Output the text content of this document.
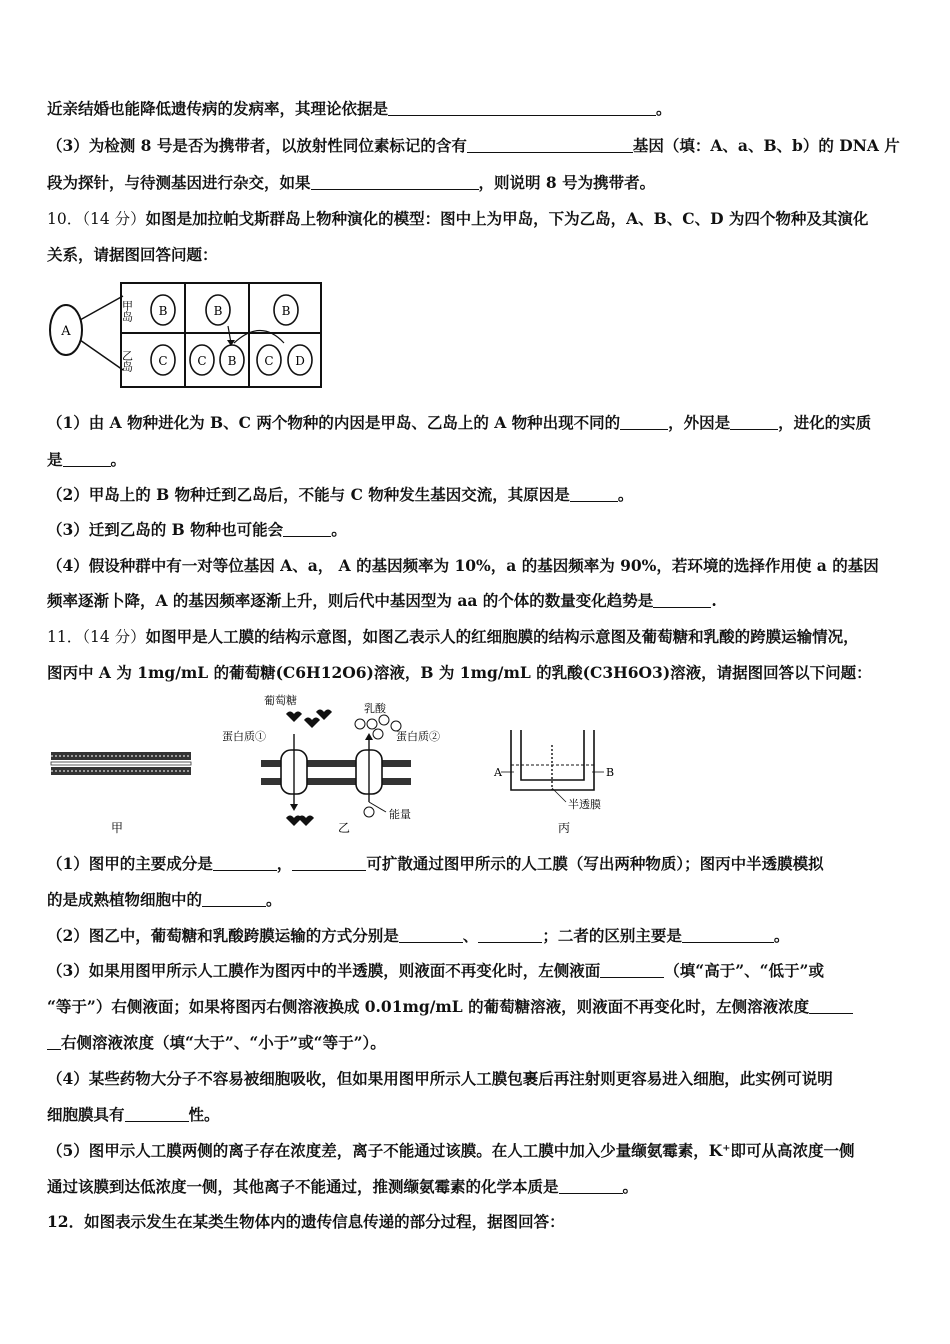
近亲结婚也能降低遗传病的发病率，其理论依据是	。
（3）为检测 8 号是否为携带者，以放射性同位素标记的含有	基因（填：A、a、B、b）的 DNA 片
段为探针，与待测基因进行杂交，如果	，则说明 8 号为携带者。
10．（14 分）如图是加拉帕戈斯群岛上物种演化的模型：图中上为甲岛，下为乙岛，A、B、C、D 为四个物种及其演化
关系，请据图回答问题：
A
甲岛
乙岛
B	B	B
C C B C D
（1）由 A 物种进化为 B、C 两个物种的内因是甲岛、乙岛上的 A 物种出现不同的	，外因是	，进化的实质
是	。
（2）甲岛上的 B 物种迁到乙岛后，不能与 C 物种发生基因交流，其原因是	。
（3）迁到乙岛的 B 物种也可能会	。
（4）假设种群中有一对等位基因 A、a， A 的基因频率为 10%，a 的基因频率为 90%，若环境的选择作用使 a 的基因
频率逐渐卜降，A 的基因频率逐渐上升，则后代中基因型为 aa 的个体的数量变化趋势是	.
11．（14 分）如图甲是人工膜的结构示意图，如图乙表示人的红细胞膜的结构示意图及葡萄糖和乳酸的跨膜运输情况，
图丙中 A 为 1mg/mL 的葡萄糖(C6H12O6)溶液，B 为 1mg/mL 的乳酸(C3H6O3)溶液，请据图回答以下问题：
甲
葡萄糖
乳酸
蛋白质①	蛋白质②
能量
乙
A	B
半透膜
丙
（1）图甲的主要成分是	，	可扩散通过图甲所示的人工膜（写出两种物质）；图丙中半透膜模拟
的是成熟植物细胞中的	。
（2）图乙中，葡萄糖和乳酸跨膜运输的方式分别是	、	；二者的区别主要是	。
（3）如果用图甲所示人工膜作为图丙中的半透膜，则液面不再变化时，左侧液面	（填“高于”、“低于”或
“等于”）右侧液面；如果将图丙右侧溶液换成 0.01mg/mL 的葡萄糖溶液，则液面不再变化时，左侧溶液浓度
右侧溶液浓度（填“大于”、“小于”或“等于”）。
（4）某些药物大分子不容易被细胞吸收，但如果用图甲所示人工膜包裹后再注射则更容易进入细胞，此实例可说明
细胞膜具有	性。
（5）图甲示人工膜两侧的离子存在浓度差，离子不能通过该膜。在人工膜中加入少量缬氨霉素，K⁺即可从高浓度一侧
通过该膜到达低浓度一侧，其他离子不能通过，推测缬氨霉素的化学本质是	。
12．如图表示发生在某类生物体内的遗传信息传递的部分过程，据图回答：
